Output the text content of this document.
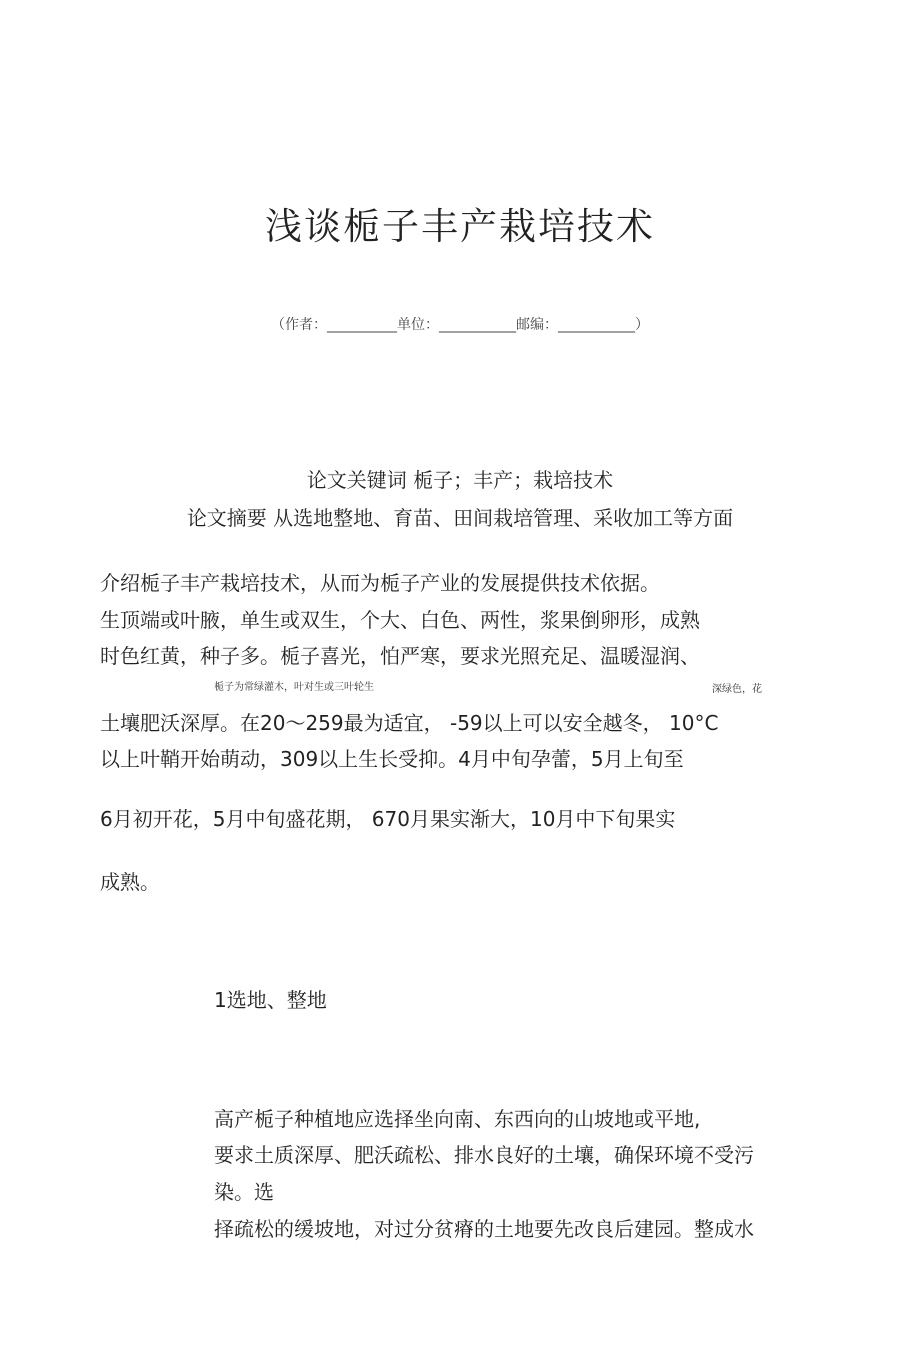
浅谈栀子丰产栽培技术
（作者：__________单位：___________邮编：___________）
论文关键词 栀子；丰产；栽培技术
论文摘要 从选地整地、育苗、田间栽培管理、采收加工等方面
介绍栀子丰产栽培技术，从而为栀子产业的发展提供技术依据。
生顶端或叶腋，单生或双生，个大、白色、两性，浆果倒卵形，成熟
时色红黄，种子多。栀子喜光，怕严寒，要求光照充足、温暖湿润、
栀子为常绿灌木，叶对生或三叶轮生	深绿色，花
土壤肥沃深厚。在20～259最为适宜， -59以上可以安全越冬， 10°C
以上叶鞘开始萌动，309以上生长受抑。4月中旬孕蕾，5月上旬至
6月初开花，5月中旬盛花期， 670月果实渐大，10月中下旬果实
成熟。
1选地、整地
高产栀子种植地应选择坐向南、东西向的山坡地或平地,
要求土质深厚、肥沃疏松、排水良好的土壤，确保环境不受污
染。选
择疏松的缓坡地，对过分贫瘠的土地要先改良后建园。整成水
